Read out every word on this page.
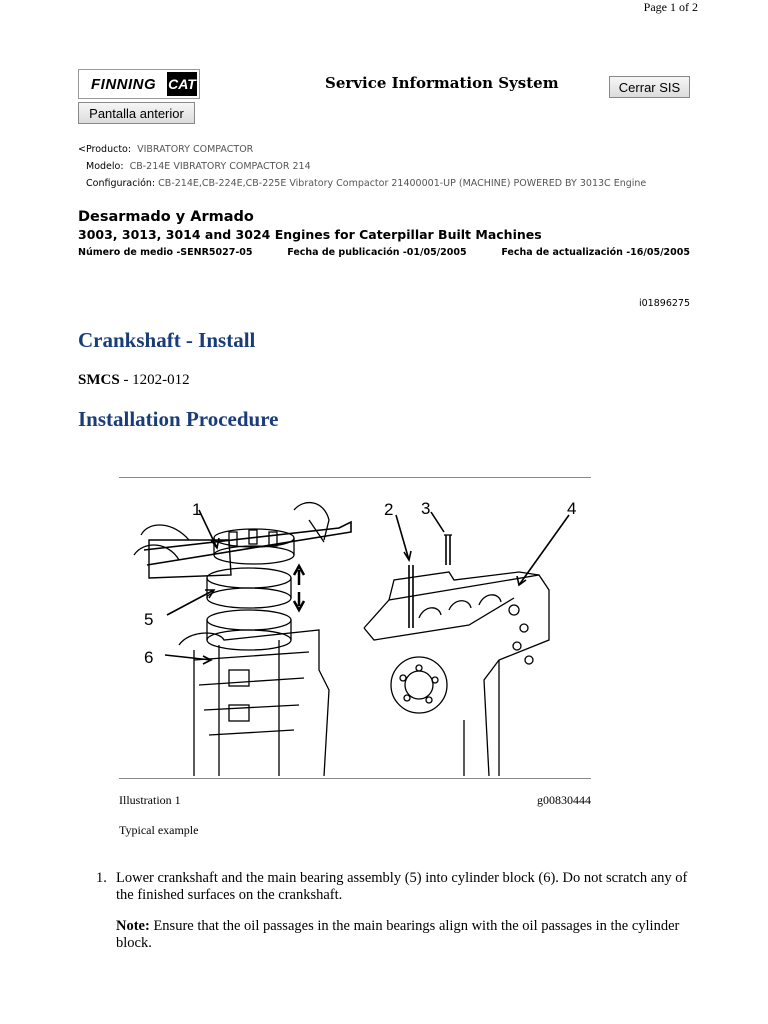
Page 1 of 2
FINNING CAT	Service Information System	Cerrar SIS
Pantalla anterior
<Producto: VIBRATORY COMPACTOR
Modelo: CB-214E VIBRATORY COMPACTOR 214
Configuración: CB-214E,CB-224E,CB-225E Vibratory Compactor 21400001-UP (MACHINE) POWERED BY 3013C Engine
Desarmado y Armado
3003, 3013, 3014 and 3024 Engines for Caterpillar Built Machines
Número de medio -SENR5027-05	Fecha de publicación -01/05/2005	Fecha de actualización -16/05/2005
i01896275
Crankshaft - Install
SMCS - 1202-012
Installation Procedure
1	2 3	4
5
6
Illustration 1	g00830444
Typical example
1. Lower crankshaft and the main bearing assembly (5) into cylinder block (6). Do not scratch any of the finished surfaces on the crankshaft.
Note: Ensure that the oil passages in the main bearings align with the oil passages in the cylinder block.
